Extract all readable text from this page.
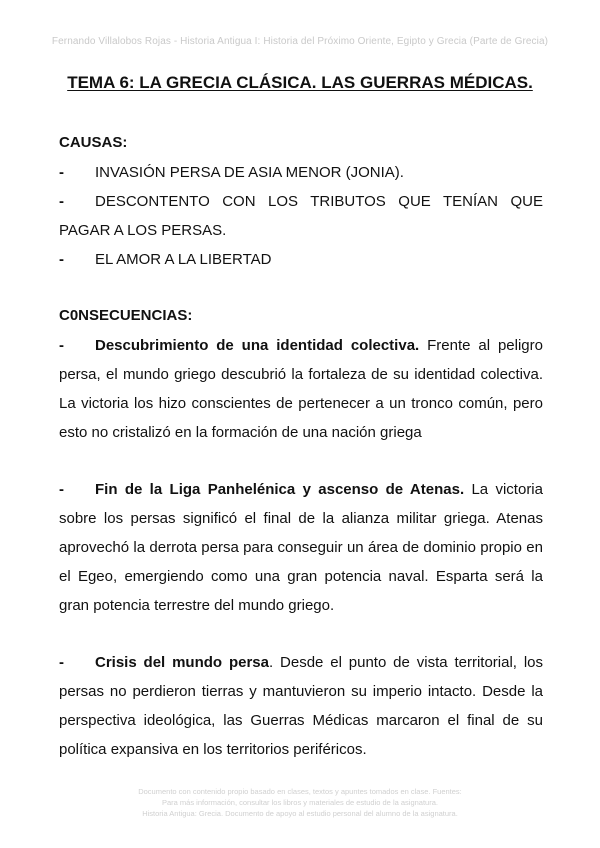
Fernando Villalobos Rojas - Historia Antigua I: Historia del Próximo Oriente, Egipto y Grecia (Parte de Grecia)
TEMA 6: LA GRECIA CLÁSICA. LAS GUERRAS MÉDICAS.
CAUSAS:
-	INVASIÓN PERSA DE ASIA MENOR (JONIA).
- DESCONTENTO CON LOS TRIBUTOS QUE TENÍAN QUE PAGAR A LOS PERSAS.
-	EL AMOR A LA LIBERTAD
C0NSECUENCIAS:
- Descubrimiento de una identidad colectiva. Frente al peligro persa, el mundo griego descubrió la fortaleza de su identidad colectiva. La victoria los hizo conscientes de pertenecer a un tronco común, pero esto no cristalizó en la formación de una nación griega
- Fin de la Liga Panhelénica y ascenso de Atenas. La victoria sobre los persas significó el final de la alianza militar griega. Atenas aprovechó la derrota persa para conseguir un área de dominio propio en el Egeo, emergiendo como una gran potencia naval. Esparta será la gran potencia terrestre del mundo griego.
- Crisis del mundo persa. Desde el punto de vista territorial, los persas no perdieron tierras y mantuvieron su imperio intacto. Desde la perspectiva ideológica, las Guerras Médicas marcaron el final de su política expansiva en los territorios periféricos.
Documento con contenido propio basado en clases, textos y apuntes tomados en clase. Fuentes:
Para más información, consultar los libros y materiales de estudio de la asignatura.
Historia Antigua: Grecia. Documento de apoyo al estudio personal del alumno de la asignatura.
